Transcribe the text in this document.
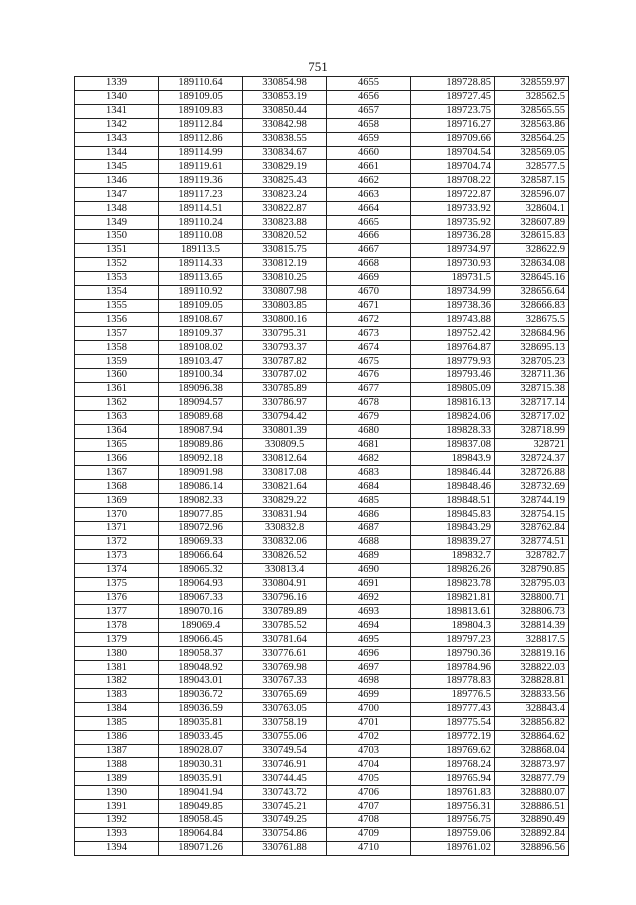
751
1339	189110.64	330854.98	4655	189728.85	328559.97
1340	189109.05	330853.19	4656	189727.45	328562.5
1341	189109.83	330850.44	4657	189723.75	328565.55
1342	189112.84	330842.98	4658	189716.27	328563.86
1343	189112.86	330838.55	4659	189709.66	328564.25
1344	189114.99	330834.67	4660	189704.54	328569.05
1345	189119.61	330829.19	4661	189704.74	328577.5
1346	189119.36	330825.43	4662	189708.22	328587.15
1347	189117.23	330823.24	4663	189722.87	328596.07
1348	189114.51	330822.87	4664	189733.92	328604.1
1349	189110.24	330823.88	4665	189735.92	328607.89
1350	189110.08	330820.52	4666	189736.28	328615.83
1351	189113.5	330815.75	4667	189734.97	328622.9
1352	189114.33	330812.19	4668	189730.93	328634.08
1353	189113.65	330810.25	4669	189731.5	328645.16
1354	189110.92	330807.98	4670	189734.99	328656.64
1355	189109.05	330803.85	4671	189738.36	328666.83
1356	189108.67	330800.16	4672	189743.88	328675.5
1357	189109.37	330795.31	4673	189752.42	328684.96
1358	189108.02	330793.37	4674	189764.87	328695.13
1359	189103.47	330787.82	4675	189779.93	328705.23
1360	189100.34	330787.02	4676	189793.46	328711.36
1361	189096.38	330785.89	4677	189805.09	328715.38
1362	189094.57	330786.97	4678	189816.13	328717.14
1363	189089.68	330794.42	4679	189824.06	328717.02
1364	189087.94	330801.39	4680	189828.33	328718.99
1365	189089.86	330809.5	4681	189837.08	328721
1366	189092.18	330812.64	4682	189843.9	328724.37
1367	189091.98	330817.08	4683	189846.44	328726.88
1368	189086.14	330821.64	4684	189848.46	328732.69
1369	189082.33	330829.22	4685	189848.51	328744.19
1370	189077.85	330831.94	4686	189845.83	328754.15
1371	189072.96	330832.8	4687	189843.29	328762.84
1372	189069.33	330832.06	4688	189839.27	328774.51
1373	189066.64	330826.52	4689	189832.7	328782.7
1374	189065.32	330813.4	4690	189826.26	328790.85
1375	189064.93	330804.91	4691	189823.78	328795.03
1376	189067.33	330796.16	4692	189821.81	328800.71
1377	189070.16	330789.89	4693	189813.61	328806.73
1378	189069.4	330785.52	4694	189804.3	328814.39
1379	189066.45	330781.64	4695	189797.23	328817.5
1380	189058.37	330776.61	4696	189790.36	328819.16
1381	189048.92	330769.98	4697	189784.96	328822.03
1382	189043.01	330767.33	4698	189778.83	328828.81
1383	189036.72	330765.69	4699	189776.5	328833.56
1384	189036.59	330763.05	4700	189777.43	328843.4
1385	189035.81	330758.19	4701	189775.54	328856.82
1386	189033.45	330755.06	4702	189772.19	328864.62
1387	189028.07	330749.54	4703	189769.62	328868.04
1388	189030.31	330746.91	4704	189768.24	328873.97
1389	189035.91	330744.45	4705	189765.94	328877.79
1390	189041.94	330743.72	4706	189761.83	328880.07
1391	189049.85	330745.21	4707	189756.31	328886.51
1392	189058.45	330749.25	4708	189756.75	328890.49
1393	189064.84	330754.86	4709	189759.06	328892.84
1394	189071.26	330761.88	4710	189761.02	328896.56
